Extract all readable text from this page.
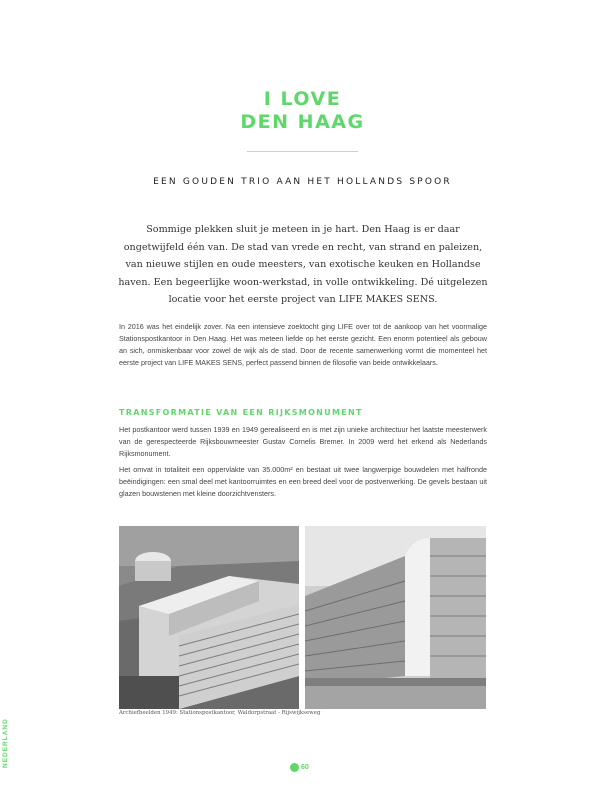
I LOVE
DEN HAAG
EEN GOUDEN TRIO AAN HET HOLLANDS SPOOR

Sommige plekken sluit je meteen in je hart. Den Haag is er daar ongetwijfeld één van. De stad van vrede en recht, van strand en paleizen, van nieuwe stijlen en oude meesters, van exotische keuken en Hollandse haven. Een begeerlijke woon-werkstad, in volle ontwikkeling. Dé uitgelezen locatie voor het eerste project van LIFE MAKES SENS.

In 2016 was het eindelijk zover. Na een intensieve zoektocht ging LIFE over tot de aankoop van het voormalige Stationspostkantoor in Den Haag. Het was meteen liefde op het eerste gezicht. Een enorm potentieel als gebouw an sich, onmiskenbaar voor zowel de wijk als de stad. Door de recente samenwerking vormt die momenteel het eerste project van LIFE MAKES SENS, perfect passend binnen de filosofie van beide ontwikkelaars.

TRANSFORMATIE VAN EEN RIJKSMONUMENT

Het postkantoor werd tussen 1939 en 1949 gerealiseerd en is met zijn unieke architectuur het laatste meesterwerk van de gerespecteerde Rijksbouwmeester Gustav Cornelis Bremer. In 2009 werd het erkend als Nederlands Rijksmonument.

Het omvat in totaliteit een oppervlakte van 35.000m² en bestaat uit twee langwerpige bouwdelen met halfronde beëindigingen: een smal deel met kantoorruimtes en een breed deel voor de postverwerking. De gevels bestaan uit glazen bouwstenen met kleine doorzichtvensters.

Archiefbeelden 1949: Stationspostkantoor, Waldorpstraat - Rijswijkseweg
NEDERLAND	60
